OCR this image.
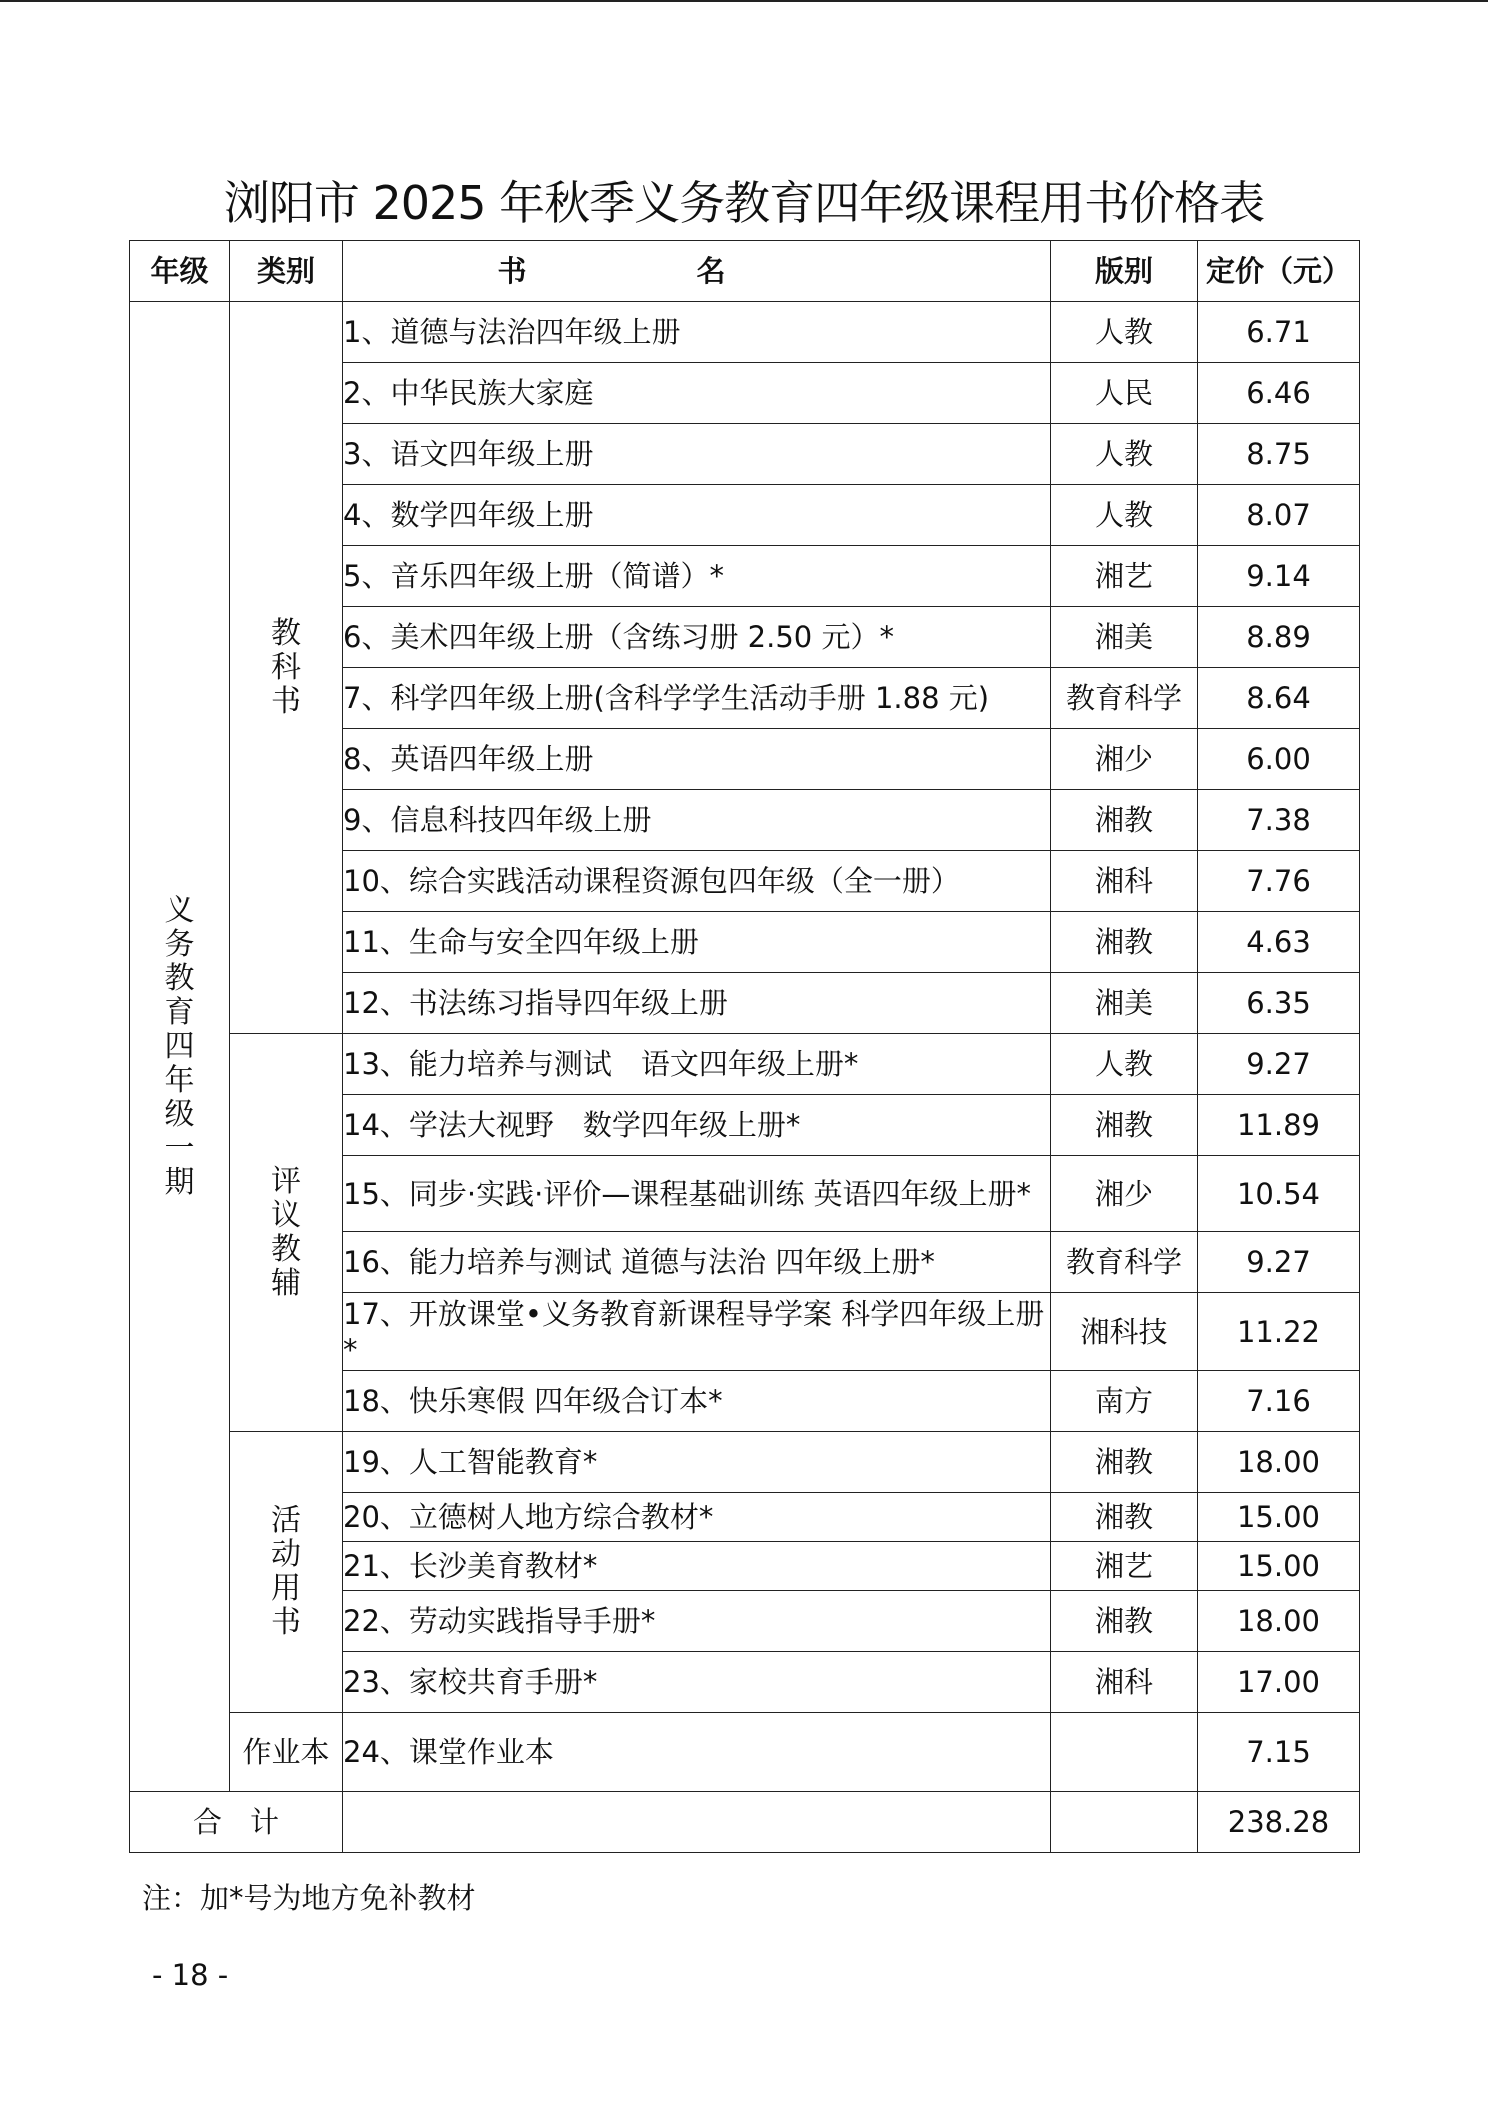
浏阳市 2025 年秋季义务教育四年级课程用书价格表
年级	类别	书名	版别	定价（元）

义务教育四年级一期	教科书	1、道德与法治四年级上册	人教	6.71
		2、中华民族大家庭	人民	6.46
		3、语文四年级上册	人教	8.75
		4、数学四年级上册	人教	8.07
		5、音乐四年级上册（简谱）*	湘艺	9.14
		6、美术四年级上册（含练习册 2.50 元）*	湘美	8.89
		7、科学四年级上册(含科学学生活动手册 1.88 元)	教育科学	8.64
		8、英语四年级上册	湘少	6.00
		9、信息科技四年级上册	湘教	7.38
		10、综合实践活动课程资源包四年级（全一册）	湘科	7.76
		11、生命与安全四年级上册	湘教	4.63
		12、书法练习指导四年级上册	湘美	6.35

	评议教辅	13、能力培养与测试　语文四年级上册*	人教	9.27
		14、学法大视野　数学四年级上册*	湘教	11.89
		15、同步·实践·评价—课程基础训练 英语四年级上册*	湘少	10.54
		16、能力培养与测试 道德与法治 四年级上册*	教育科学	9.27
		17、开放课堂•义务教育新课程导学案 科学四年级上册*	湘科技	11.22
		18、快乐寒假 四年级合订本*	南方	7.16

	活动用书	19、人工智能教育*	湘教	18.00
		20、立德树人地方综合教材*	湘教	15.00
		21、长沙美育教材*	湘艺	15.00
		22、劳动实践指导手册*	湘教	18.00
		23、家校共育手册*	湘科	17.00
	作业本	24、课堂作业本		7.15
合计				238.28
注：加*号为地方免补教材
- 18 -
